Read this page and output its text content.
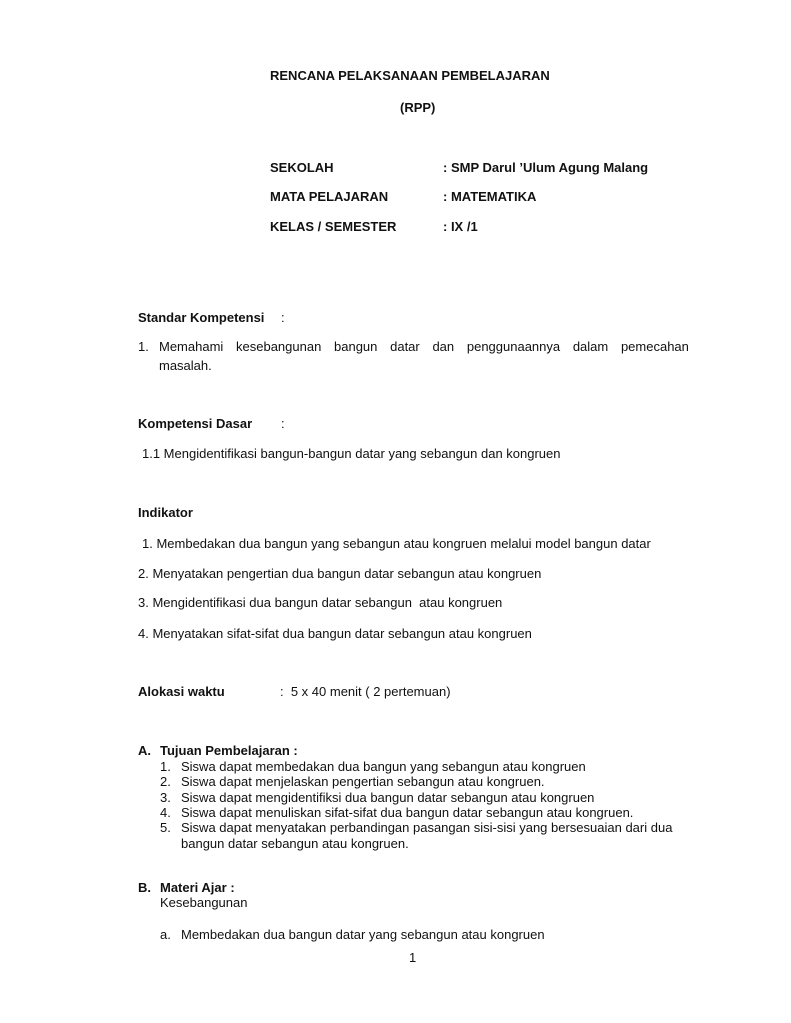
RENCANA PELAKSANAAN PEMBELAJARAN
(RPP)
SEKOLAH	: SMP Darul ’Ulum Agung Malang
MATA PELAJARAN	: MATEMATIKA
KELAS / SEMESTER	: IX /1
Standar Kompetensi :
1. Memahami kesebangunan bangun datar dan penggunaannya dalam pemecahan
masalah.
Kompetensi Dasar :
1.1 Mengidentifikasi bangun-bangun datar yang sebangun dan kongruen
Indikator
1. Membedakan dua bangun yang sebangun atau kongruen melalui model bangun datar
2. Menyatakan pengertian dua bangun datar sebangun atau kongruen
3. Mengidentifikasi dua bangun datar sebangun  atau kongruen
4. Menyatakan sifat-sifat dua bangun datar sebangun atau kongruen
Alokasi waktu	:  5 x 40 menit ( 2 pertemuan)
A. Tujuan Pembelajaran :
1. Siswa dapat membedakan dua bangun yang sebangun atau kongruen
2. Siswa dapat menjelaskan pengertian sebangun atau kongruen.
3. Siswa dapat mengidentifiksi dua bangun datar sebangun atau kongruen
4. Siswa dapat menuliskan sifat-sifat dua bangun datar sebangun atau kongruen.
5. Siswa dapat menyatakan perbandingan pasangan sisi-sisi yang bersesuaian dari dua
bangun datar sebangun atau kongruen.
B. Materi Ajar :
Kesebangunan
a. Membedakan dua bangun datar yang sebangun atau kongruen
1
